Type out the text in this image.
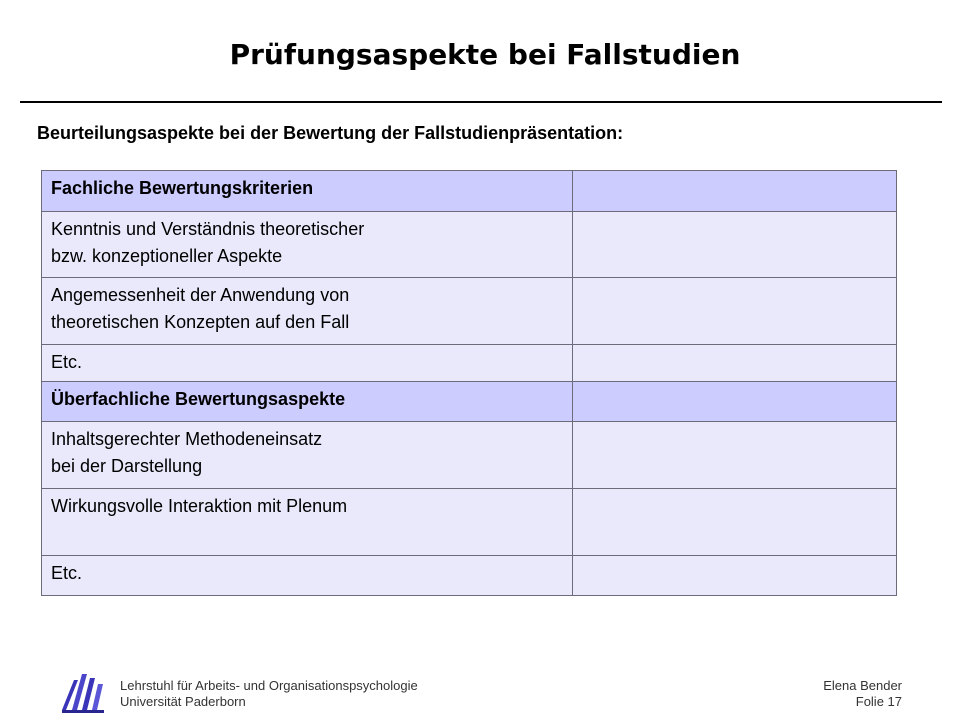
Prüfungsaspekte bei Fallstudien
Beurteilungsaspekte bei der Bewertung der Fallstudienpräsentation:
Fachliche Bewertungskriterien	

Kenntnis und Verständnis theoretischer
bzw. konzeptioneller Aspekte	

Angemessenheit der Anwendung von
theoretischen Konzepten auf den Fall	

Etc.	

Überfachliche Bewertungsaspekte	

Inhaltsgerechter Methodeneinsatz
bei der Darstellung	

Wirkungsvolle Interaktion mit Plenum	

Etc.	

Lehrstuhl für Arbeits- und Organisationspsychologie
Universität Paderborn
Elena Bender
Folie 17
